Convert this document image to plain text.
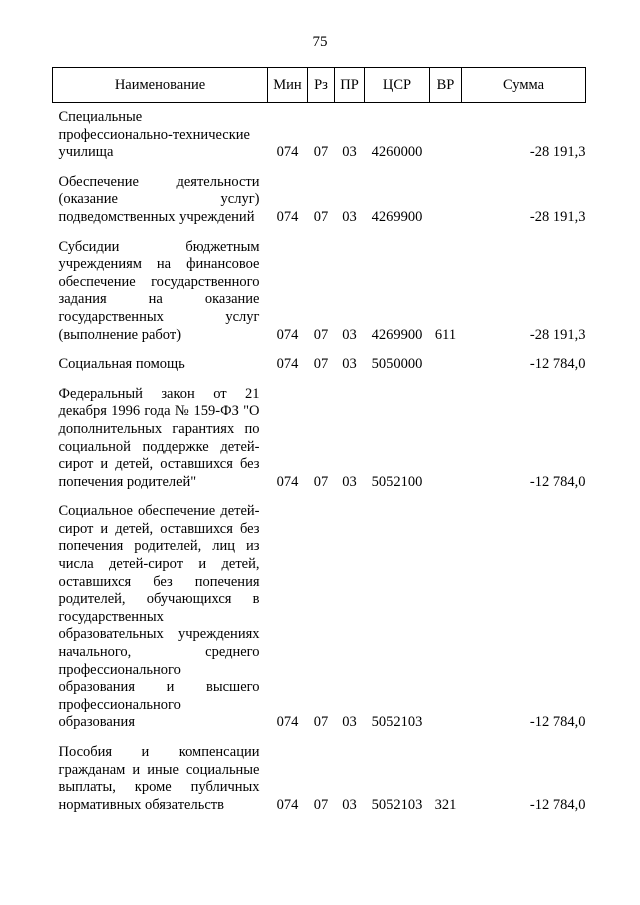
75
Наименование	Мин	Рз	ПР	ЦСР	ВР	Сумма
Специальные профессионально-технические училища	074	07	03	4260000		-28 191,3
Обеспечение деятельности (оказание услуг) подведомственных учреждений	074	07	03	4269900		-28 191,3
Субсидии бюджетным учреждениям на финансовое обеспечение государственного задания на оказание государственных услуг (выполнение работ)	074	07	03	4269900	611	-28 191,3
Социальная помощь	074	07	03	5050000		-12 784,0
Федеральный закон от 21 декабря 1996 года № 159-ФЗ "О дополнительных гарантиях по социальной поддержке детей-сирот и детей, оставшихся без попечения родителей"	074	07	03	5052100		-12 784,0
Социальное обеспечение детей-сирот и детей, оставшихся без попечения родителей, лиц из числа детей-сирот и детей, оставшихся без попечения родителей, обучающихся в государственных образовательных учреждениях начального, среднего профессионального образования и высшего профессионального образования	074	07	03	5052103		-12 784,0
Пособия и компенсации гражданам и иные социальные выплаты, кроме публичных нормативных обязательств	074	07	03	5052103	321	-12 784,0
